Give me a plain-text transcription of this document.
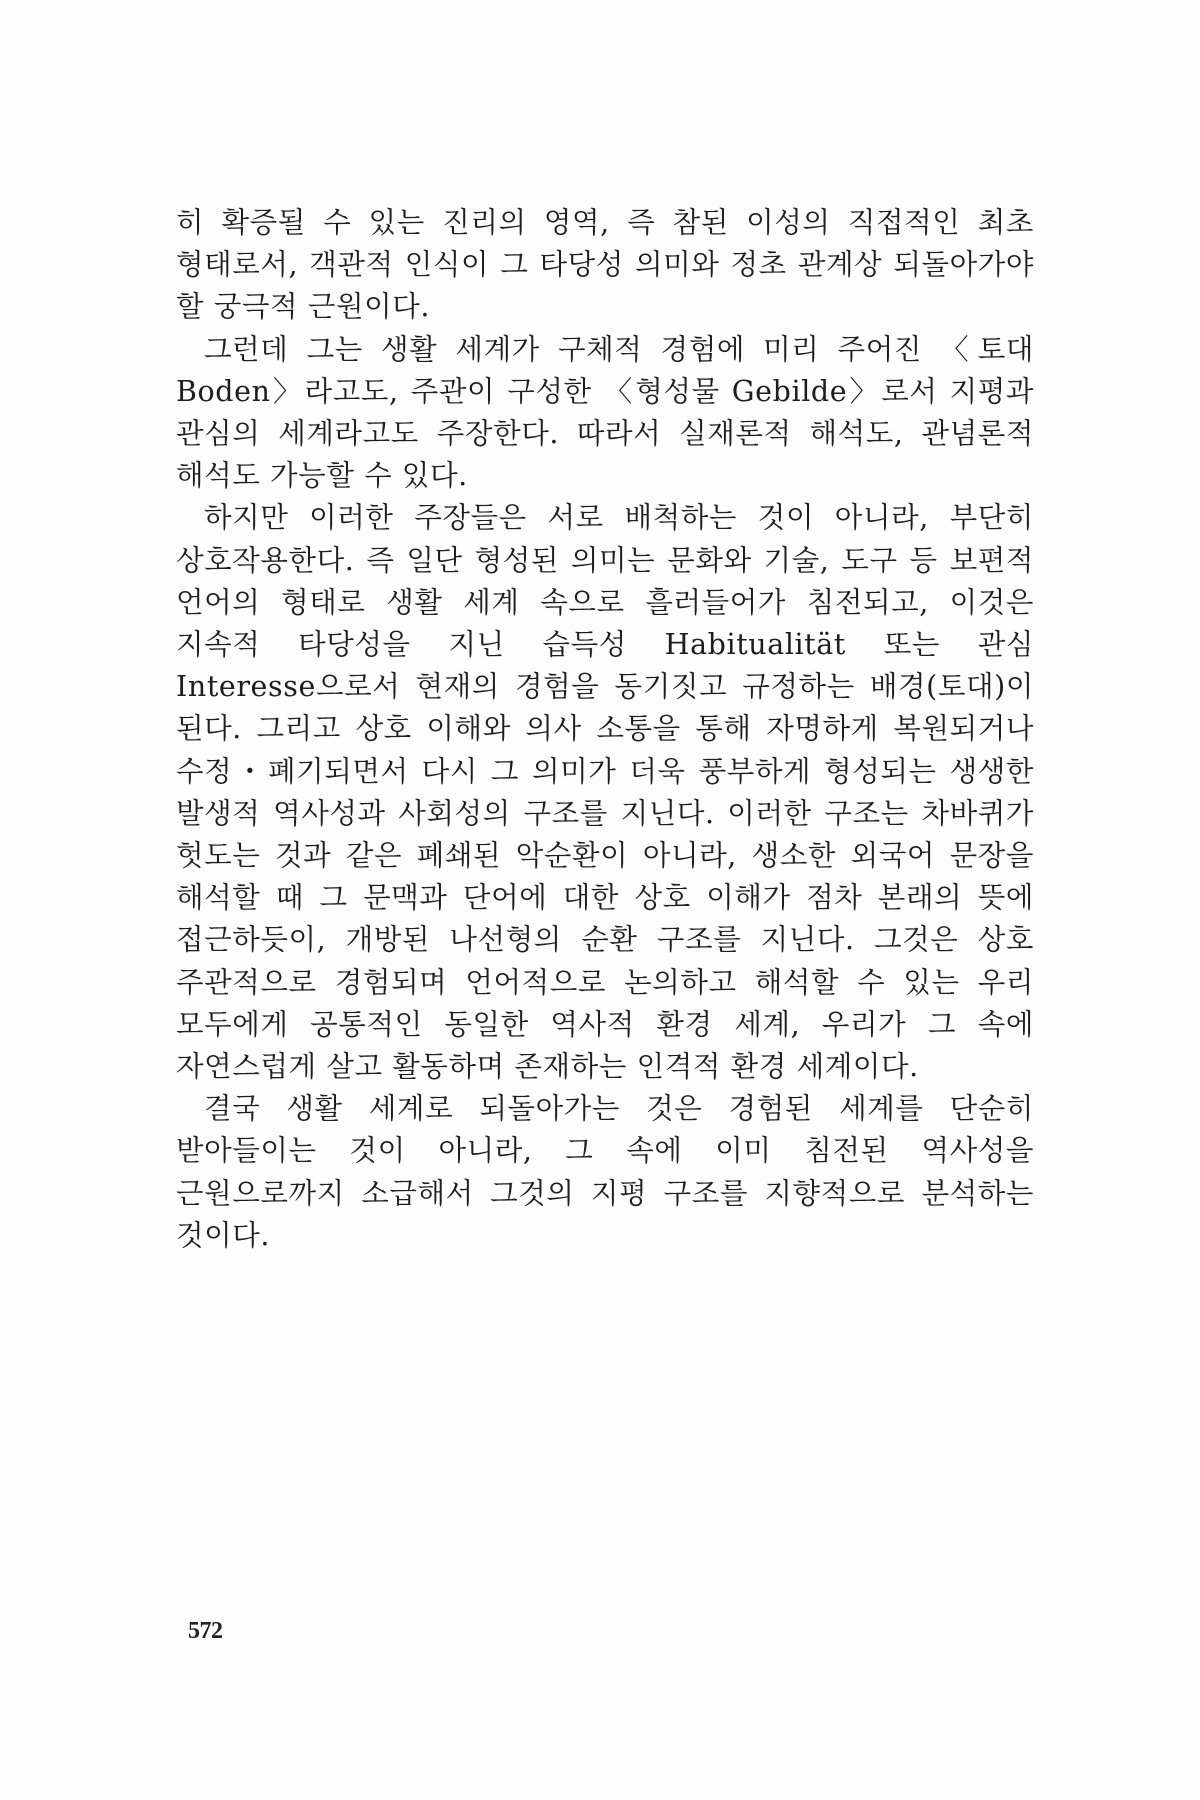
히 확증될 수 있는 진리의 영역, 즉 참된 이성의 직접적인 최초 형태로서, 객관적 인식이 그 타당성 의미와 정초 관계상 되돌아가야 할 궁극적 근원이다.

그런데 그는 생활 세계가 구체적 경험에 미리 주어진 〈토대 Boden〉라고도, 주관이 구성한 〈형성물 Gebilde〉로서 지평과 관심의 세계라고도 주장한다. 따라서 실재론적 해석도, 관념론적 해석도 가능할 수 있다.

하지만 이러한 주장들은 서로 배척하는 것이 아니라, 부단히 상호작용한다. 즉 일단 형성된 의미는 문화와 기술, 도구 등 보편적 언어의 형태로 생활 세계 속으로 흘러들어가 침전되고, 이것은 지속적 타당성을 지닌 습득성 Habitualität 또는 관심 Interesse으로서 현재의 경험을 동기짓고 규정하는 배경(토대)이 된다. 그리고 상호 이해와 의사 소통을 통해 자명하게 복원되거나 수정・폐기되면서 다시 그 의미가 더욱 풍부하게 형성되는 생생한 발생적 역사성과 사회성의 구조를 지닌다. 이러한 구조는 차바퀴가 헛도는 것과 같은 폐쇄된 악순환이 아니라, 생소한 외국어 문장을 해석할 때 그 문맥과 단어에 대한 상호 이해가 점차 본래의 뜻에 접근하듯이, 개방된 나선형의 순환 구조를 지닌다. 그것은 상호 주관적으로 경험되며 언어적으로 논의하고 해석할 수 있는 우리 모두에게 공통적인 동일한 역사적 환경 세계, 우리가 그 속에 자연스럽게 살고 활동하며 존재하는 인격적 환경 세계이다.

결국 생활 세계로 되돌아가는 것은 경험된 세계를 단순히 받아들이는 것이 아니라, 그 속에 이미 침전된 역사성을 근원으로까지 소급해서 그것의 지평 구조를 지향적으로 분석하는 것이다.

572
